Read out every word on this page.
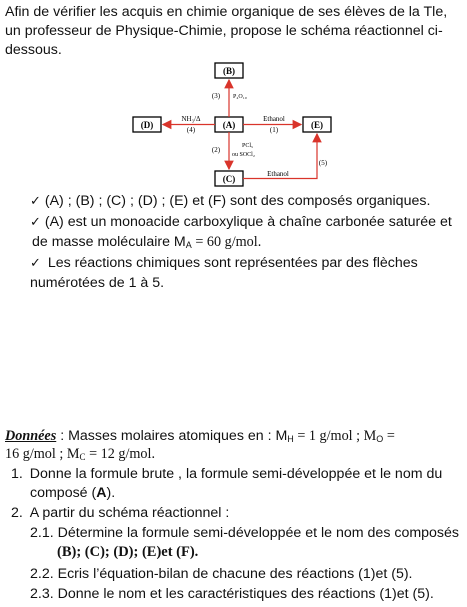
Afin de vérifier les acquis en chimie organique de ses élèves de la Tle,
un professeur de Physique-Chimie, propose le schéma réactionnel ci-
dessous.
(B)
(A)
(D)	(E)
(C)
(3) P₄O₁₀
NH₃/Δ
(4)
Ethanol
(1)
(2)	PCl₅
ou SOCl₂
Ethanol
(5)
✓ (A) ; (B) ; (C) ; (D) ; (E) et (F) sont des composés organiques.
✓ (A) est un monoacide carboxylique à chaîne carbonée saturée et
de masse moléculaire $M_A = 60$ g/mol.
✓ Les réactions chimiques sont représentées par des flèches
numérotées de 1 à 5.
Données : Masses molaires atomiques en : $M_H = 1$ g/mol ; $M_O$ =
16 g/mol ; $M_C = 12$ g/mol.
1. Donne la formule brute , la formule semi-développée et le nom du
composé (A).
2. A partir du schéma réactionnel :
2.1. Détermine la formule semi-développée et le nom des composés
(B); (C); (D); (E)et (F).
2.2. Ecris l’équation-bilan de chacune des réactions (1)et (5).
2.3. Donne le nom et les caractéristiques des réactions (1)et (5).
